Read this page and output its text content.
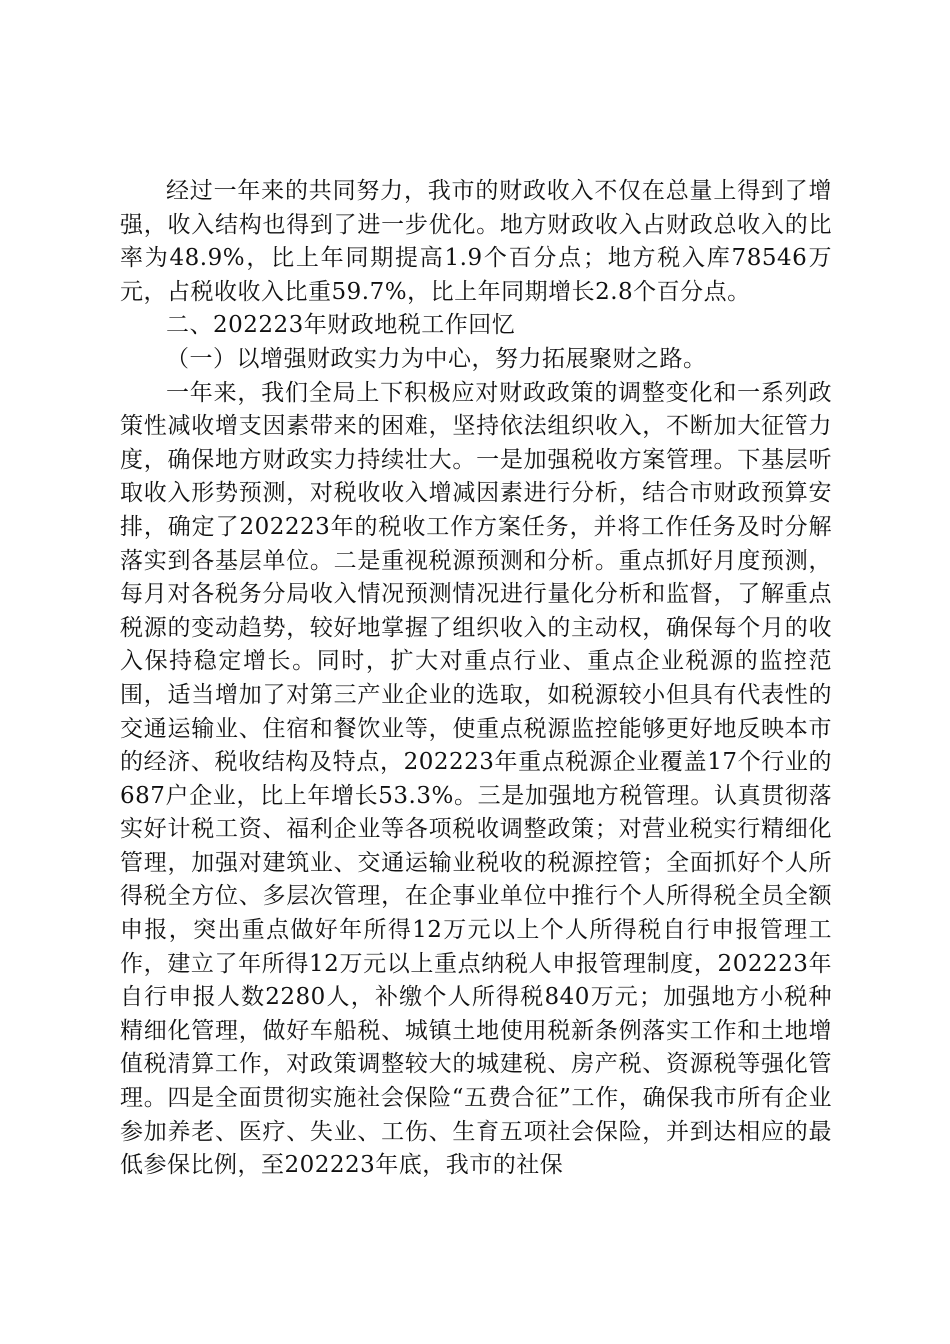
经过一年来的共同努力，我市的财政收入不仅在总量上得到了增强，收入结构也得到了进一步优化。地方财政收入占财政总收入的比率为48.9%，比上年同期提高1.9个百分点；地方税入库78546万元，占税收收入比重59.7%，比上年同期增长2.8个百分点。

二、202223年财政地税工作回忆

（一）以增强财政实力为中心，努力拓展聚财之路。

一年来，我们全局上下积极应对财政政策的调整变化和一系列政策性减收增支因素带来的困难，坚持依法组织收入，不断加大征管力度，确保地方财政实力持续壮大。一是加强税收方案管理。下基层听取收入形势预测，对税收收入增减因素进行分析，结合市财政预算安排，确定了202223年的税收工作方案任务，并将工作任务及时分解落实到各基层单位。二是重视税源预测和分析。重点抓好月度预测，每月对各税务分局收入情况预测情况进行量化分析和监督，了解重点税源的变动趋势，较好地掌握了组织收入的主动权，确保每个月的收入保持稳定增长。同时，扩大对重点行业、重点企业税源的监控范围，适当增加了对第三产业企业的选取，如税源较小但具有代表性的交通运输业、住宿和餐饮业等，使重点税源监控能够更好地反映本市的经济、税收结构及特点，202223年重点税源企业覆盖17个行业的687户企业，比上年增长53.3%。三是加强地方税管理。认真贯彻落实好计税工资、福利企业等各项税收调整政策；对营业税实行精细化管理，加强对建筑业、交通运输业税收的税源控管；全面抓好个人所得税全方位、多层次管理，在企事业单位中推行个人所得税全员全额申报，突出重点做好年所得12万元以上个人所得税自行申报管理工作，建立了年所得12万元以上重点纳税人申报管理制度，202223年自行申报人数2280人，补缴个人所得税840万元；加强地方小税种精细化管理，做好车船税、城镇土地使用税新条例落实工作和土地增值税清算工作，对政策调整较大的城建税、房产税、资源税等强化管理。四是全面贯彻实施社会保险“五费合征”工作，确保我市所有企业参加养老、医疗、失业、工伤、生育五项社会保险，并到达相应的最低参保比例，至202223年底，我市的社保
